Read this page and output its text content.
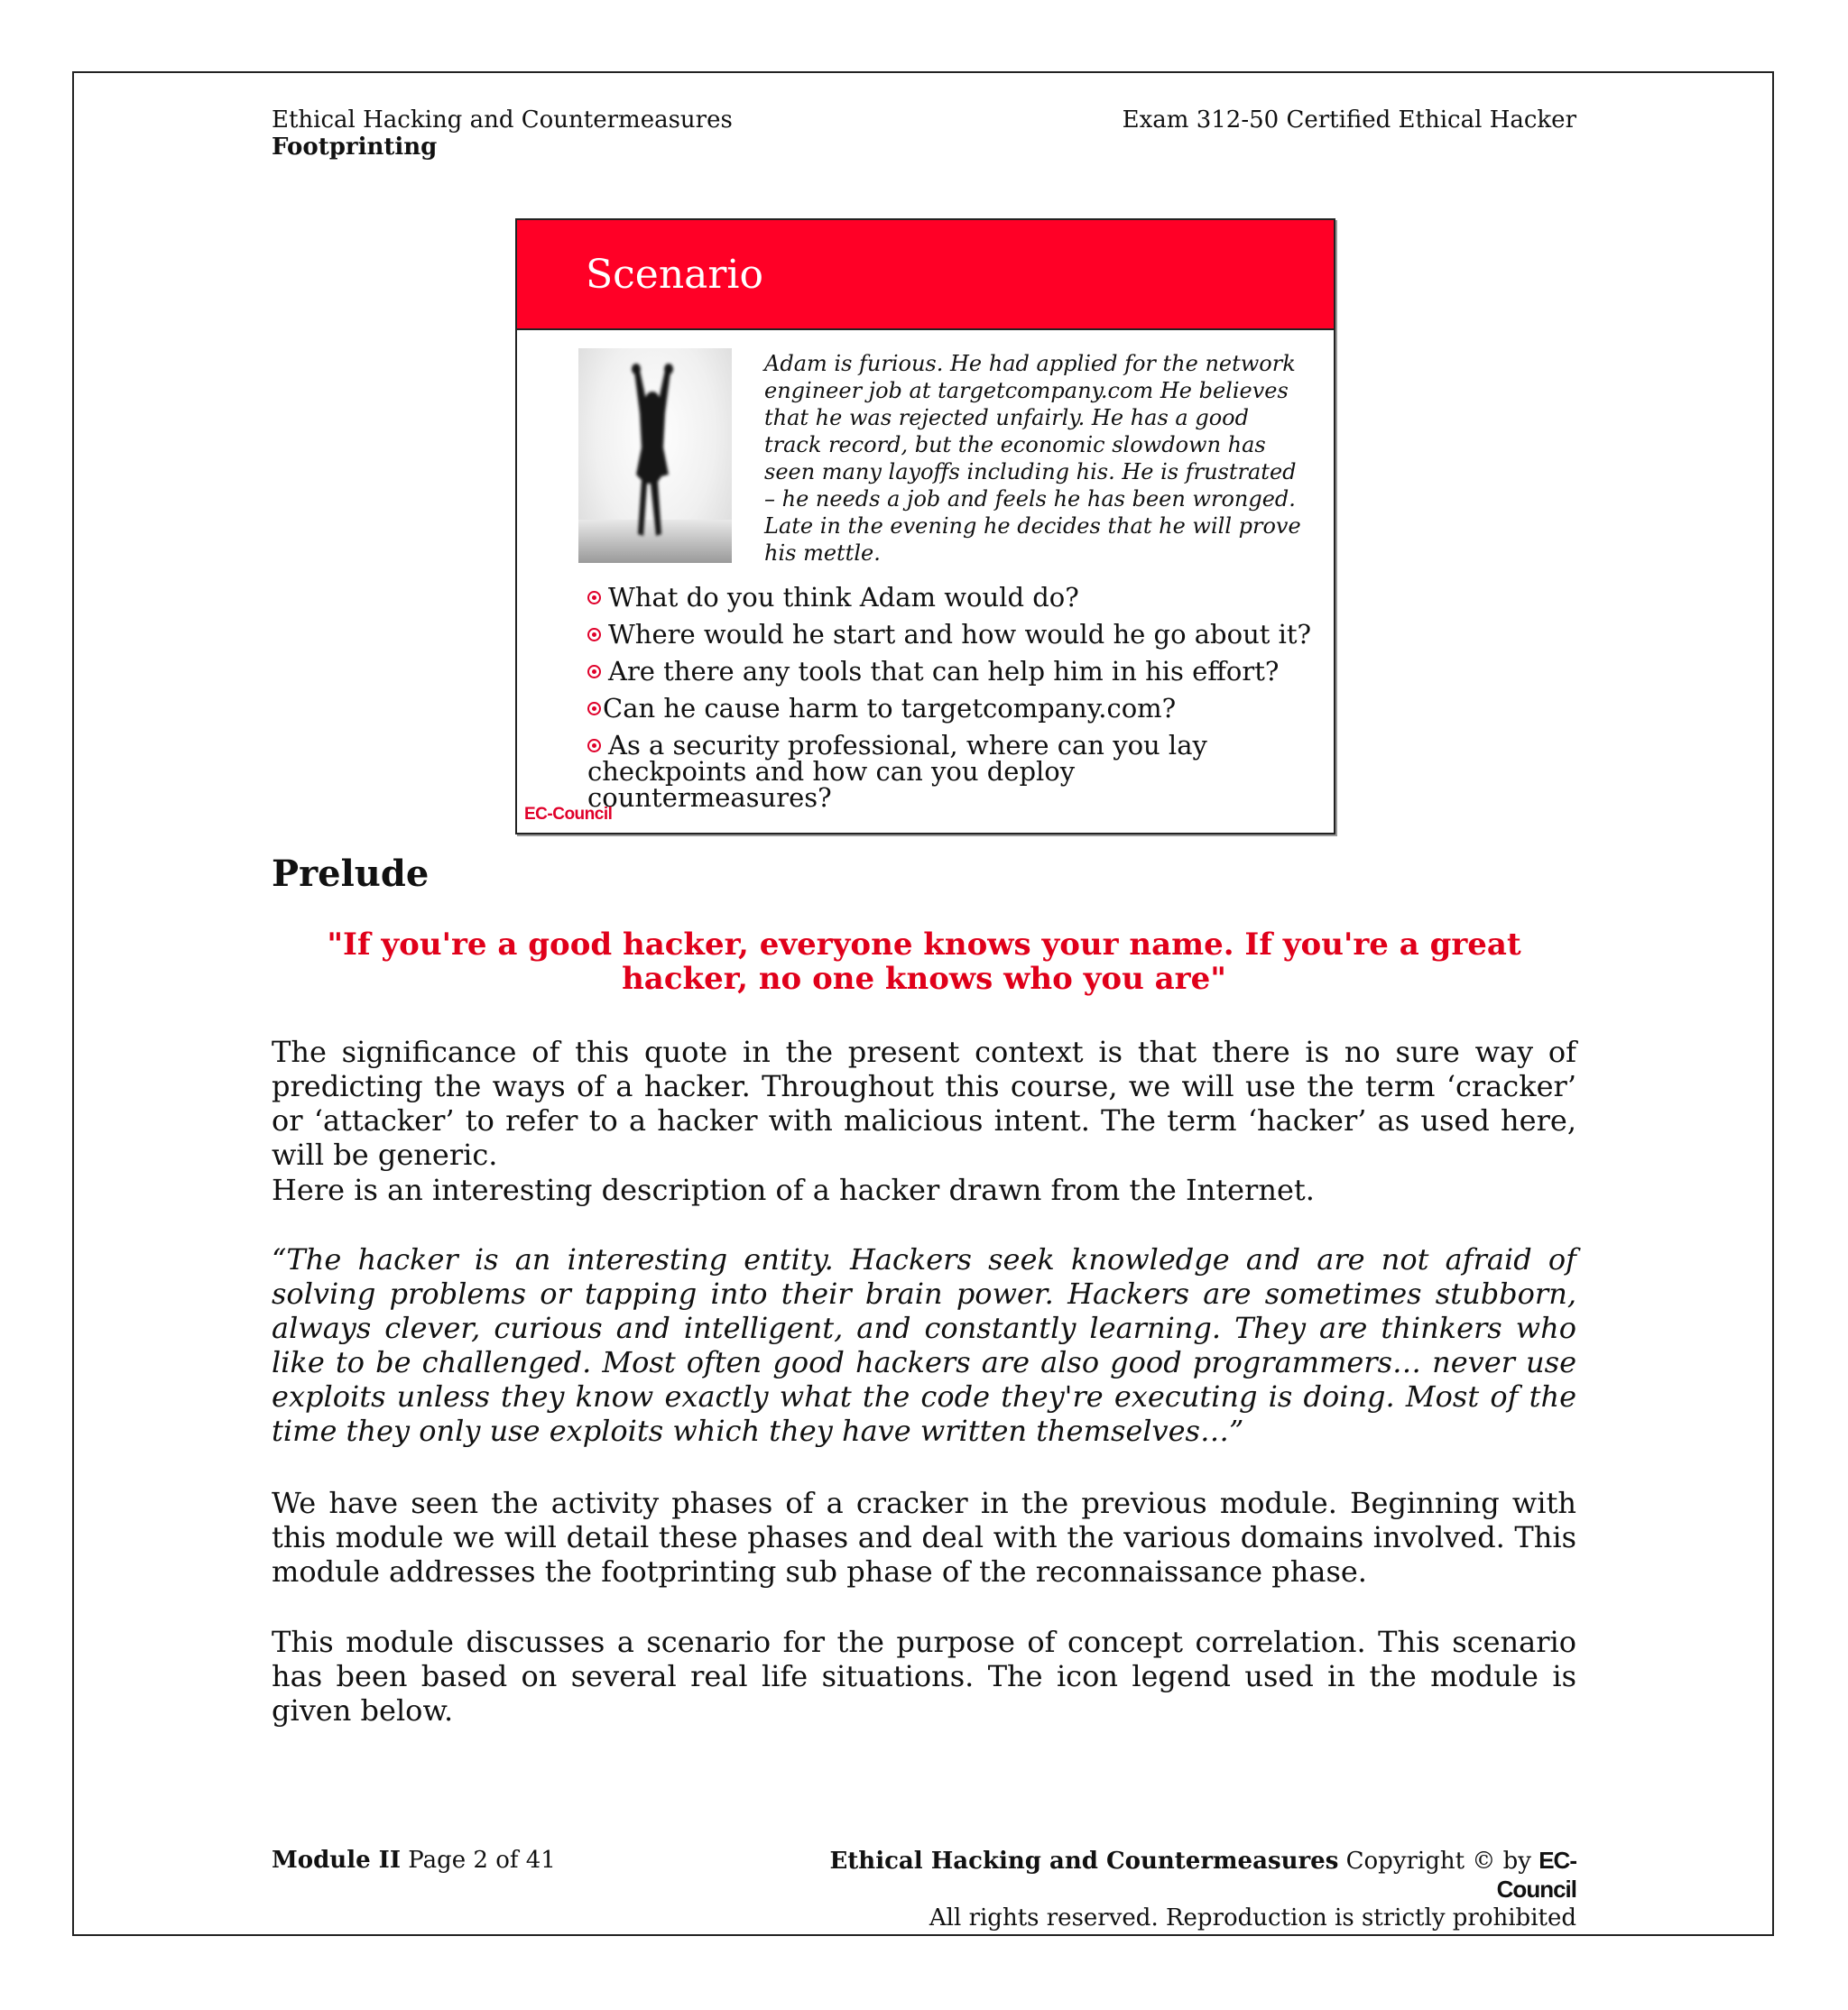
Ethical Hacking and Countermeasures
Footprinting
Exam 312-50 Certified Ethical Hacker
Scenario
Adam is furious. He had applied for the network engineer job at targetcompany.com He believes that he was rejected unfairly. He has a good track record, but the economic slowdown has seen many layoffs including his. He is frustrated – he needs a job and feels he has been wronged. Late in the evening he decides that he will prove his mettle.
What do you think Adam would do?
Where would he start and how would he go about it?
Are there any tools that can help him in his effort?
Can he cause harm to targetcompany.com?
As a security professional, where can you lay checkpoints and how can you deploy countermeasures?
EC-Council
Prelude
"If you're a good hacker, everyone knows your name. If you're a great hacker, no one knows who you are"
The significance of this quote in the present context is that there is no sure way of predicting the ways of a hacker. Throughout this course, we will use the term ‘cracker’ or ‘attacker’ to refer to a hacker with malicious intent. The term ‘hacker’ as used here, will be generic.
Here is an interesting description of a hacker drawn from the Internet.
“The hacker is an interesting entity. Hackers seek knowledge and are not afraid of solving problems or tapping into their brain power. Hackers are sometimes stubborn, always clever, curious and intelligent, and constantly learning. They are thinkers who like to be challenged. Most often good hackers are also good programmers… never use exploits unless they know exactly what the code they're executing is doing. Most of the time they only use exploits which they have written themselves…”
We have seen the activity phases of a cracker in the previous module. Beginning with this module we will detail these phases and deal with the various domains involved. This module addresses the footprinting sub phase of the reconnaissance phase.
This module discusses a scenario for the purpose of concept correlation. This scenario has been based on several real life situations. The icon legend used in the module is given below.
Module II Page 2 of 41	Ethical Hacking and Countermeasures Copyright © by EC-Council
All rights reserved. Reproduction is strictly prohibited
